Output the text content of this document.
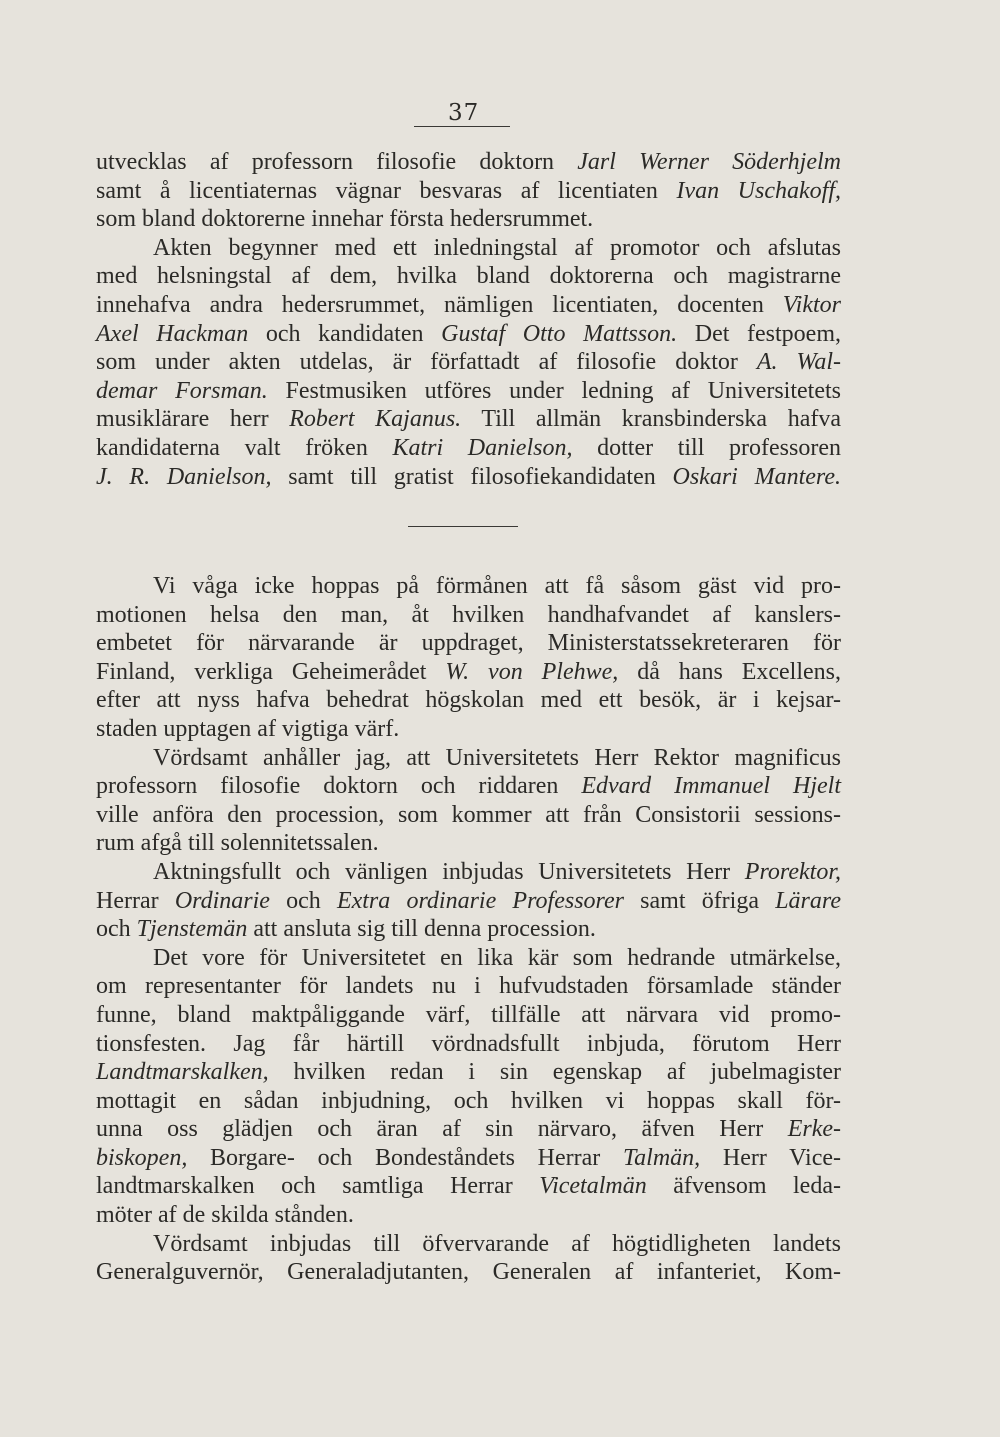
37
utvecklas af professorn filosofie doktorn Jarl Werner Söderhjelm
samt å licentiaternas vägnar besvaras af licentiaten Ivan Uschakoff,
som bland doktorerne innehar första hedersrummet.
Akten begynner med ett inledningstal af promotor och afslutas
med helsningstal af dem, hvilka bland doktorerna och magistrarne
innehafva andra hedersrummet, nämligen licentiaten, docenten Viktor
Axel Hackman och kandidaten Gustaf Otto Mattsson. Det festpoem,
som under akten utdelas, är författadt af filosofie doktor A. Wal-
demar Forsman. Festmusiken utföres under ledning af Universitetets
musiklärare herr Robert Kajanus. Till allmän kransbinderska hafva
kandidaterna valt fröken Katri Danielson, dotter till professoren
J. R. Danielson, samt till gratist filosofiekandidaten Oskari Mantere.
Vi våga icke hoppas på förmånen att få såsom gäst vid pro-
motionen helsa den man, åt hvilken handhafvandet af kanslers-
embetet för närvarande är uppdraget, Ministerstatssekreteraren för
Finland, verkliga Geheimerådet W. von Plehwe, då hans Excellens,
efter att nyss hafva behedrat högskolan med ett besök, är i kejsar-
staden upptagen af vigtiga värf.
Vördsamt anhåller jag, att Universitetets Herr Rektor magnificus
professorn filosofie doktorn och riddaren Edvard Immanuel Hjelt
ville anföra den procession, som kommer att från Consistorii sessions-
rum afgå till solennitetssalen.
Aktningsfullt och vänligen inbjudas Universitetets Herr Prorektor,
Herrar Ordinarie och Extra ordinarie Professorer samt öfriga Lärare
och Tjenstemän att ansluta sig till denna procession.
Det vore för Universitetet en lika kär som hedrande utmärkelse,
om representanter för landets nu i hufvudstaden församlade ständer
funne, bland maktpåliggande värf, tillfälle att närvara vid promo-
tionsfesten. Jag får härtill vördnadsfullt inbjuda, förutom Herr
Landtmarskalken, hvilken redan i sin egenskap af jubelmagister
mottagit en sådan inbjudning, och hvilken vi hoppas skall för-
unna oss glädjen och äran af sin närvaro, äfven Herr Erke-
biskopen, Borgare- och Bondeståndets Herrar Talmän, Herr Vice-
landtmarskalken och samtliga Herrar Vicetalmän äfvensom leda-
möter af de skilda stånden.
Vördsamt inbjudas till öfvervarande af högtidligheten landets
Generalguvernör, Generaladjutanten, Generalen af infanteriet, Kom-
